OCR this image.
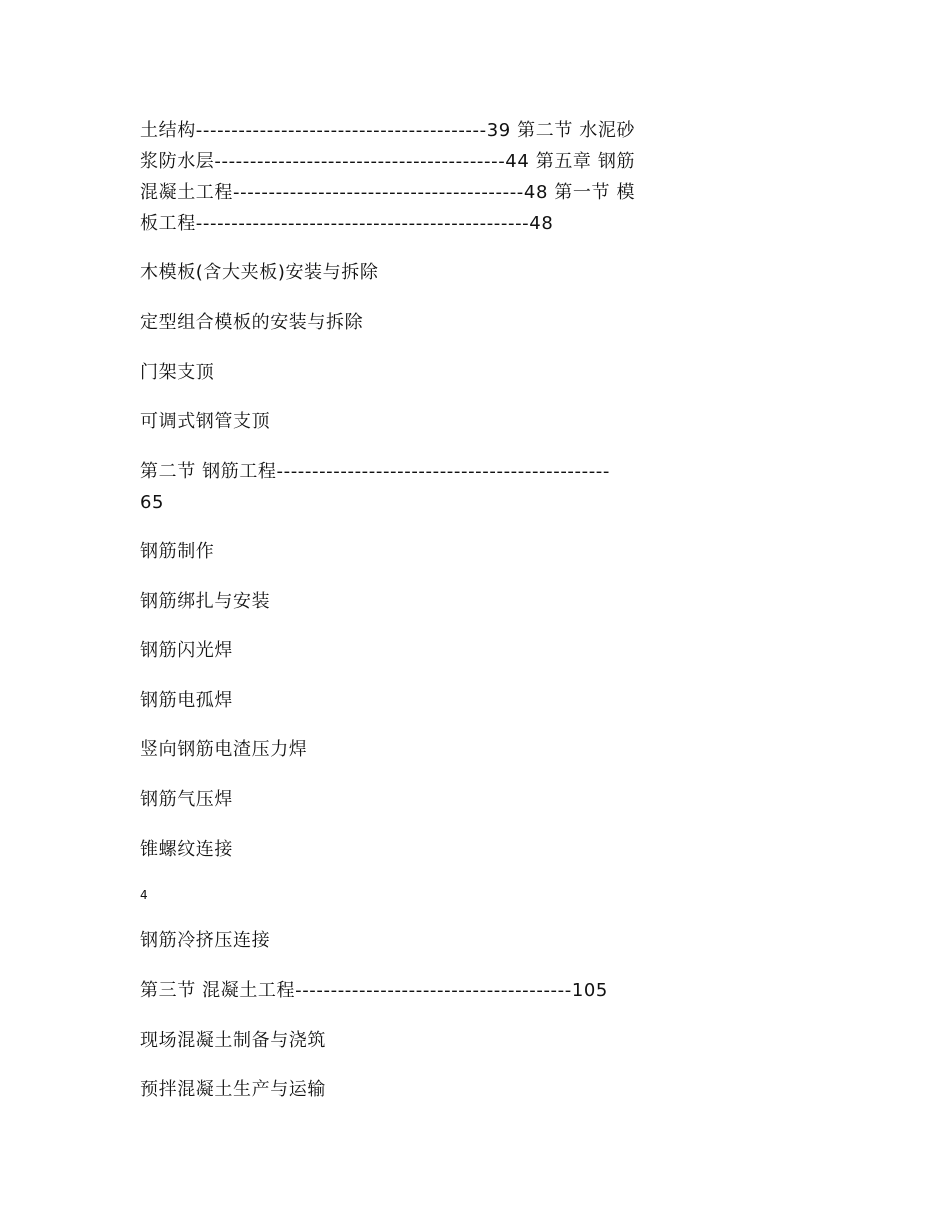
土结构-----------------------------------------39 第二节 水泥砂
浆防水层-----------------------------------------44 第五章 钢筋
混凝土工程-----------------------------------------48 第一节 模
板工程-----------------------------------------------48
木模板(含大夹板)安装与拆除
定型组合模板的安装与拆除
门架支顶
可调式钢管支顶
第二节 钢筋工程-----------------------------------------------
65
钢筋制作
钢筋绑扎与安装
钢筋闪光焊
钢筋电孤焊
竖向钢筋电渣压力焊
钢筋气压焊
锥螺纹连接
4
钢筋冷挤压连接
第三节 混凝土工程---------------------------------------105
现场混凝土制备与浇筑
预拌混凝土生产与运输
